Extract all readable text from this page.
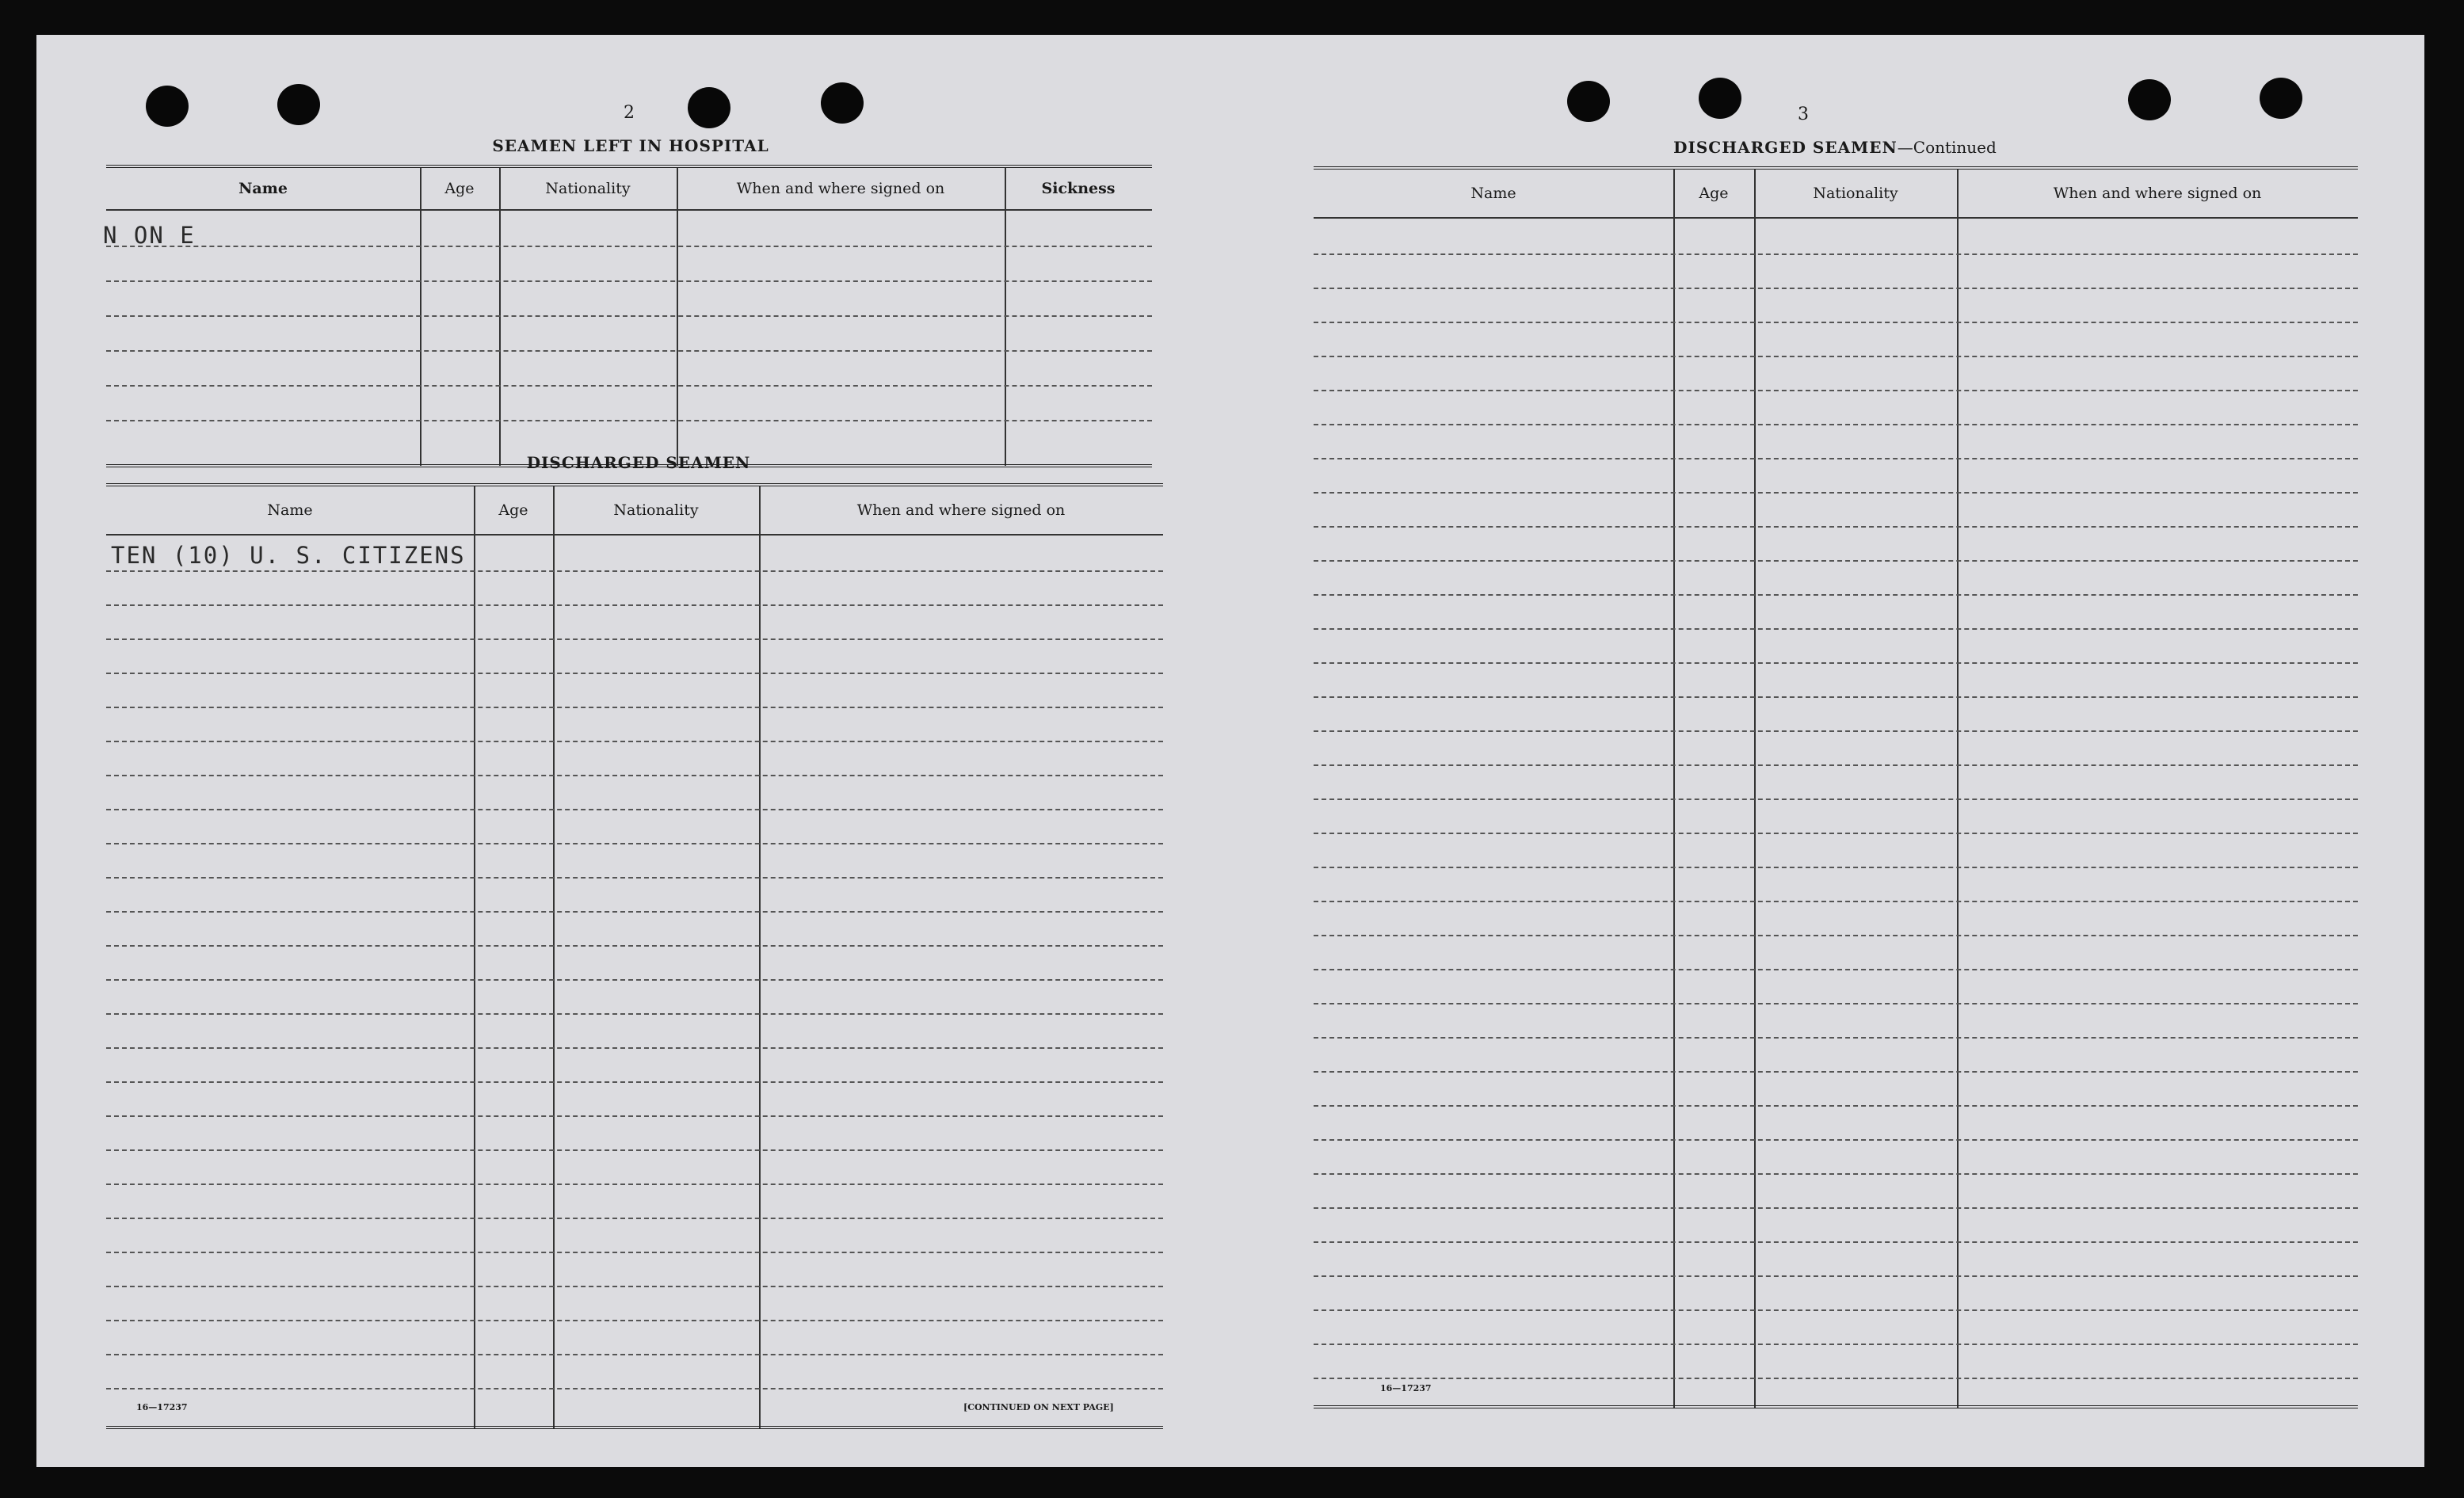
2
SEAMEN LEFT IN HOSPITAL
Name	Age	Nationality	When and where signed on	Sickness
N ON E
DISCHARGED SEAMEN
Name	Age	Nationality	When and where signed on
TEN (10) U. S. CITIZENS
16—17237	[CONTINUED ON NEXT PAGE]
3
DISCHARGED SEAMEN—Continued
Name	Age	Nationality	When and where signed on
16—17237
